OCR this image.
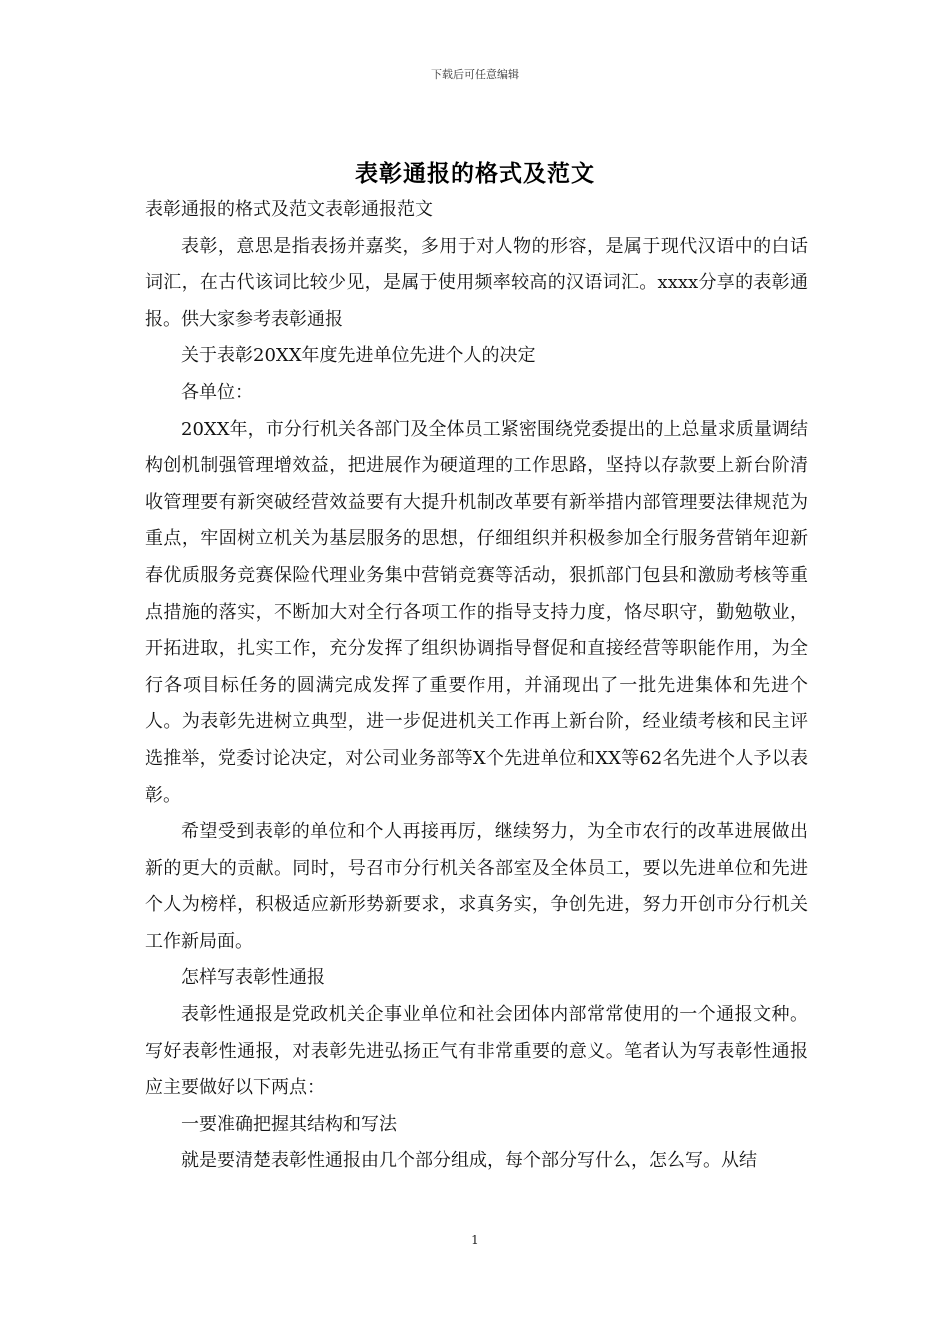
下载后可任意编辑
表彰通报的格式及范文

表彰通报的格式及范文表彰通报范文

表彰，意思是指表扬并嘉奖，多用于对人物的形容，是属于现代汉语中的白话词汇，在古代该词比较少见，是属于使用频率较高的汉语词汇。xxxx分享的表彰通报。供大家参考表彰通报

关于表彰20XX年度先进单位先进个人的决定

各单位：

20XX年，市分行机关各部门及全体员工紧密围绕党委提出的上总量求质量调结构创机制强管理增效益，把进展作为硬道理的工作思路，坚持以存款要上新台阶清收管理要有新突破经营效益要有大提升机制改革要有新举措内部管理要法律规范为重点，牢固树立机关为基层服务的思想，仔细组织并积极参加全行服务营销年迎新春优质服务竞赛保险代理业务集中营销竞赛等活动，狠抓部门包县和激励考核等重点措施的落实，不断加大对全行各项工作的指导支持力度，恪尽职守，勤勉敬业，开拓进取，扎实工作，充分发挥了组织协调指导督促和直接经营等职能作用，为全行各项目标任务的圆满完成发挥了重要作用，并涌现出了一批先进集体和先进个人。为表彰先进树立典型，进一步促进机关工作再上新台阶，经业绩考核和民主评选推举，党委讨论决定，对公司业务部等X个先进单位和XX等62名先进个人予以表彰。

希望受到表彰的单位和个人再接再厉，继续努力，为全市农行的改革进展做出新的更大的贡献。同时，号召市分行机关各部室及全体员工，要以先进单位和先进个人为榜样，积极适应新形势新要求，求真务实，争创先进，努力开创市分行机关工作新局面。

怎样写表彰性通报

表彰性通报是党政机关企事业单位和社会团体内部常常使用的一个通报文种。写好表彰性通报，对表彰先进弘扬正气有非常重要的意义。笔者认为写表彰性通报应主要做好以下两点：

一要准确把握其结构和写法

就是要清楚表彰性通报由几个部分组成，每个部分写什么，怎么写。从结

1
